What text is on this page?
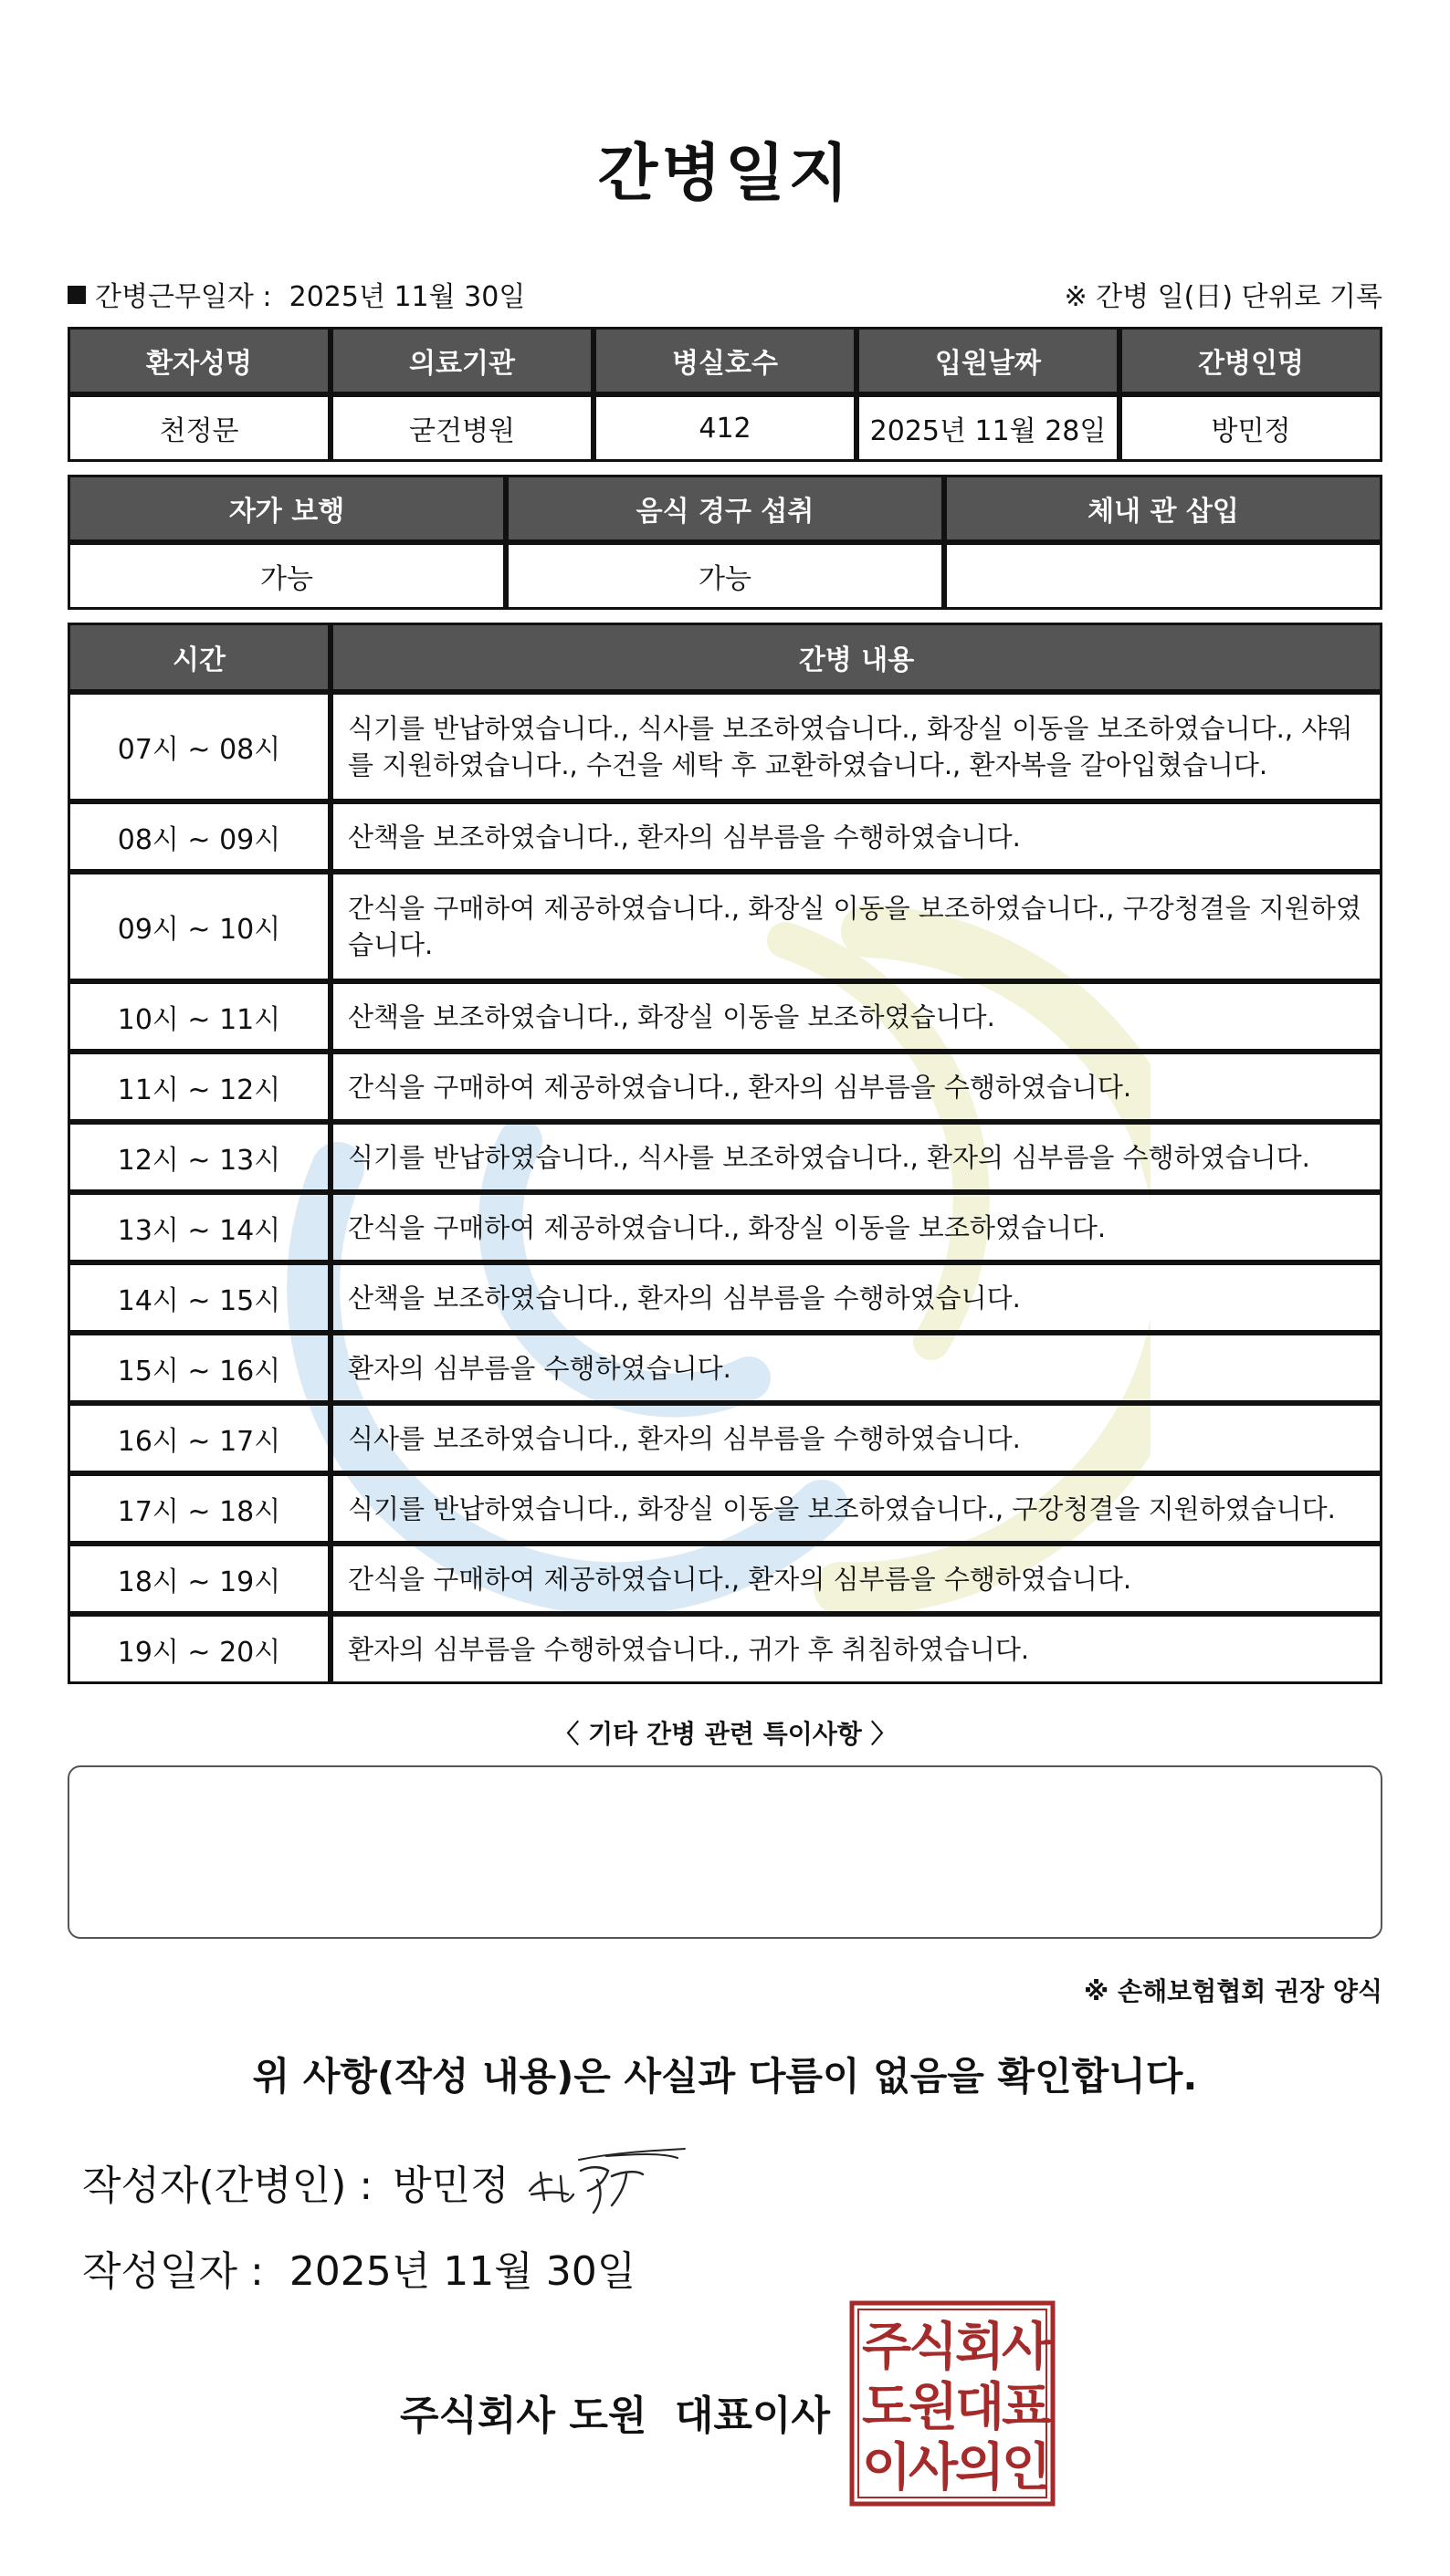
간병일지
간병근무일자 : 2025년 11월 30일	※ 간병 일(日) 단위로 기록
환자성명	의료기관	병실호수	입원날짜	간병인명
천정문	굳건병원	412	2025년 11월 28일	방민정
자가 보행	음식 경구 섭취	체내 관 삽입
가능	가능	
시간	간병 내용
07시 ~ 08시	식기를 반납하였습니다., 식사를 보조하였습니다., 화장실 이동을 보조하였습니다., 샤워를 지원하였습니다., 수건을 세탁 후 교환하였습니다., 환자복을 갈아입혔습니다.
08시 ~ 09시	산책을 보조하였습니다., 환자의 심부름을 수행하였습니다.
09시 ~ 10시	간식을 구매하여 제공하였습니다., 화장실 이동을 보조하였습니다., 구강청결을 지원하였습니다.
10시 ~ 11시	산책을 보조하였습니다., 화장실 이동을 보조하였습니다.
11시 ~ 12시	간식을 구매하여 제공하였습니다., 환자의 심부름을 수행하였습니다.
12시 ~ 13시	식기를 반납하였습니다., 식사를 보조하였습니다., 환자의 심부름을 수행하였습니다.
13시 ~ 14시	간식을 구매하여 제공하였습니다., 화장실 이동을 보조하였습니다.
14시 ~ 15시	산책을 보조하였습니다., 환자의 심부름을 수행하였습니다.
15시 ~ 16시	환자의 심부름을 수행하였습니다.
16시 ~ 17시	식사를 보조하였습니다., 환자의 심부름을 수행하였습니다.
17시 ~ 18시	식기를 반납하였습니다., 화장실 이동을 보조하였습니다., 구강청결을 지원하였습니다.
18시 ~ 19시	간식을 구매하여 제공하였습니다., 환자의 심부름을 수행하였습니다.
19시 ~ 20시	환자의 심부름을 수행하였습니다., 귀가 후 취침하였습니다.
〈 기타 간병 관련 특이사항 〉
※ 손해보험협회 권장 양식
위 사항(작성 내용)은 사실과 다름이 없음을 확인합니다.
작성자(간병인) : 방민정
작성일자 : 2025년 11월 30일
주식회사 도원 대표이사
주
식
회
사
도
원
대
표
이
사
의
인
